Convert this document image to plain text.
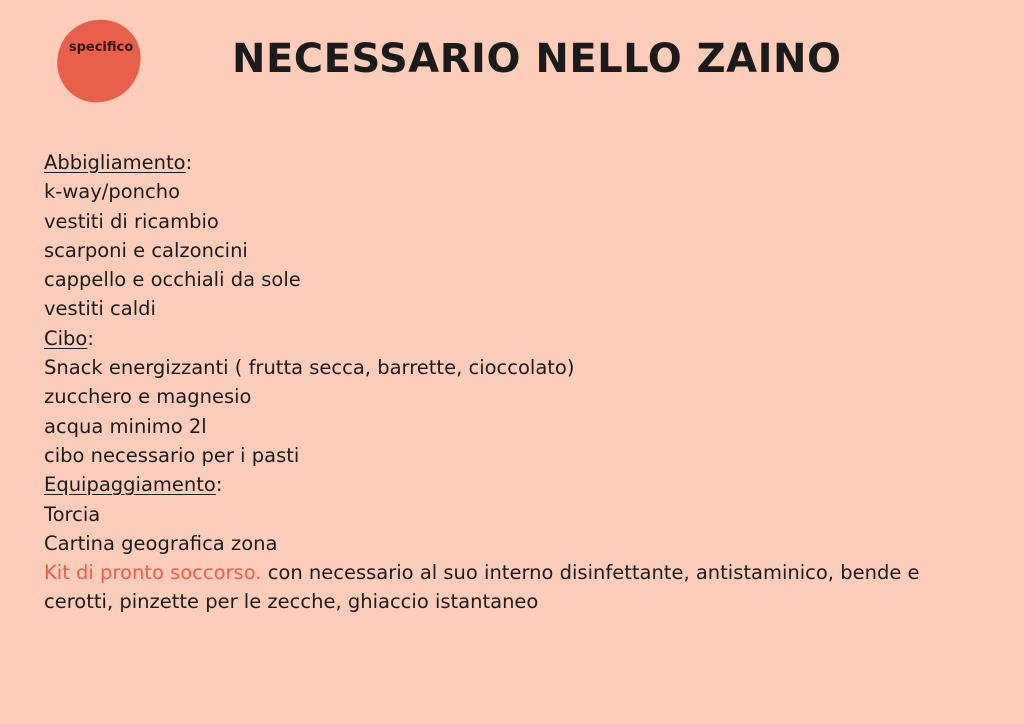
specifico NECESSARIO NELLO ZAINO

Abbigliamento:

k-way/poncho

vestiti di ricambio

scarponi e calzoncini

cappello e occhiali da sole

vestiti caldi

Cibo:

Snack energizzanti ( frutta secca, barrette, cioccolato)

zucchero e magnesio

acqua minimo 2l

cibo necessario per i pasti

Equipaggiamento:

Torcia

Cartina geografica zona

Kit di pronto soccorso. con necessario al suo interno disinfettante, antistaminico, bende e cerotti, pinzette per le zecche, ghiaccio istantaneo
